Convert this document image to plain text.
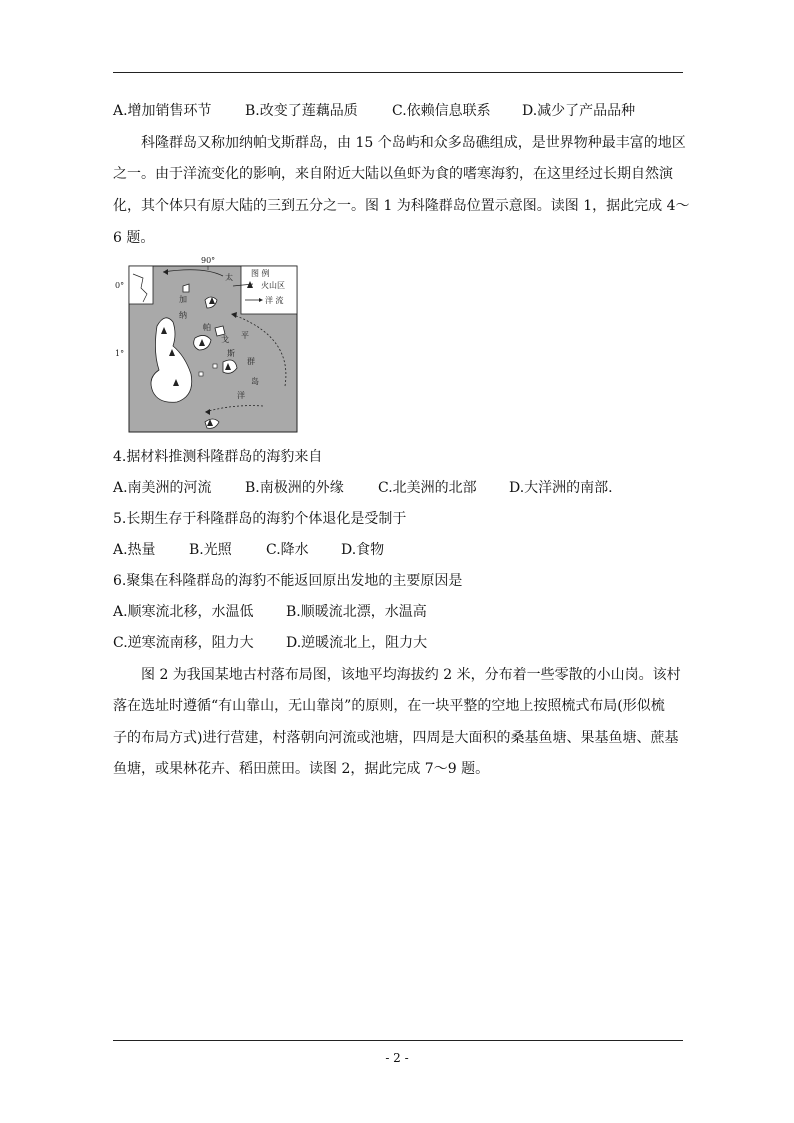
A.增加销售环节 B.改变了莲藕品质 C.依赖信息联系 D.减少了产品品种
科隆群岛又称加纳帕戈斯群岛，由 15 个岛屿和众多岛礁组成，是世界物种最丰富的地区
之一。由于洋流变化的影响，来自附近大陆以鱼虾为食的嗜寒海豹，在这里经过长期自然演
化，其个体只有原大陆的三到五分之一。图 1 为科隆群岛位置示意图。读图 1，据此完成 4～
6 题。
图 例
火山区
洋 流
90°
0°
1°
太
平
洋
加
纳
帕
戈
斯
群
岛
4.据材料推测科隆群岛的海豹来自
A.南美洲的河流 B.南极洲的外缘 C.北美洲的北部 D.大洋洲的南部.
5.长期生存于科隆群岛的海豹个体退化是受制于
A.热量 B.光照 C.降水 D.食物
6.聚集在科隆群岛的海豹不能返回原出发地的主要原因是
A.顺寒流北移，水温低 B.顺暖流北漂，水温高
C.逆寒流南移，阻力大 D.逆暖流北上，阻力大
图 2 为我国某地古村落布局图，该地平均海拔约 2 米，分布着一些零散的小山岗。该村
落在选址时遵循“有山靠山，无山靠岗”的原则，在一块平整的空地上按照梳式布局(形似梳
子的布局方式)进行营建，村落朝向河流或池塘，四周是大面积的桑基鱼塘、果基鱼塘、蔗基
鱼塘，或果林花卉、稻田蔗田。读图 2，据此完成 7～9 题。
- 2 -
